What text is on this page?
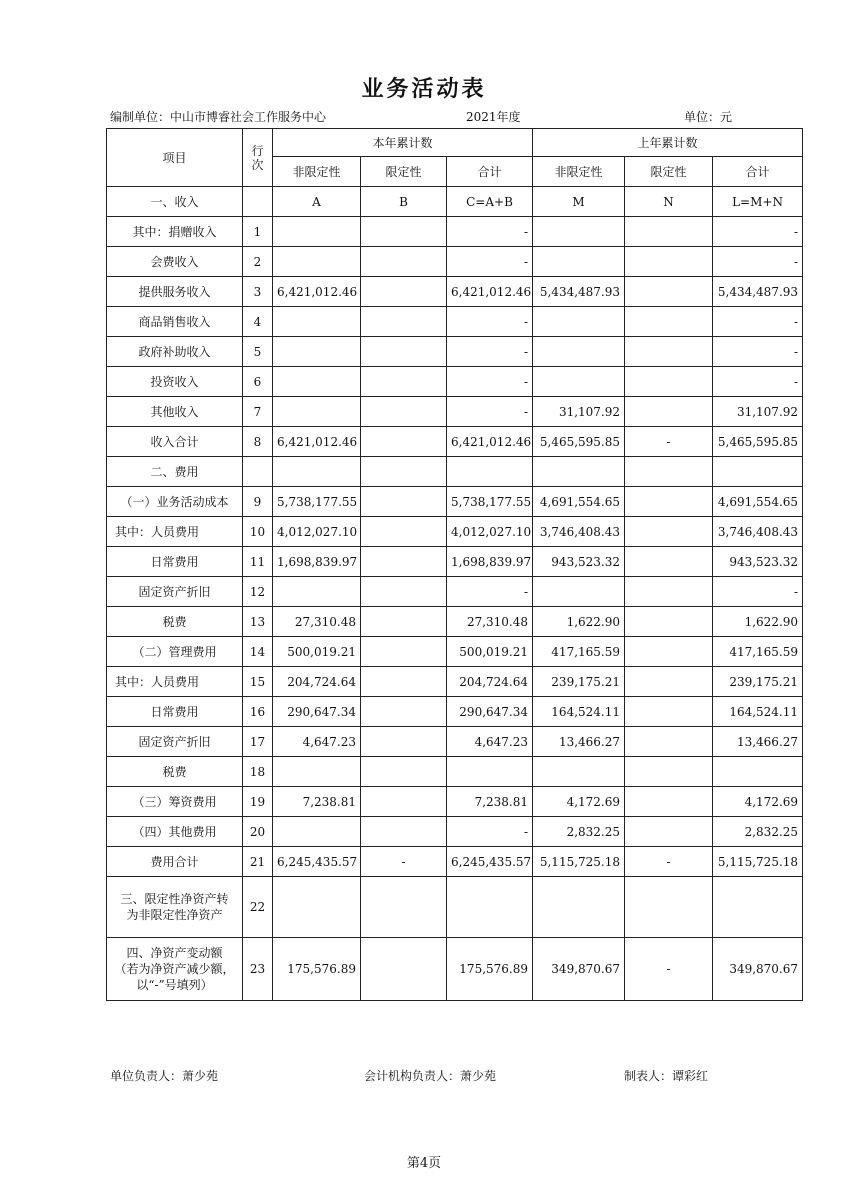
业务活动表
编制单位：中山市博睿社会工作服务中心	2021年度	单位：元
项目	行次	本年累计数			上年累计数		
		非限定性	限定性	合计	非限定性	限定性	合计
一、收入		A	B	C=A+B	M	N	L=M+N
其中：捐赠收入	1			-			-
会费收入	2			-			-
提供服务收入	3	6,421,012.46		6,421,012.46	5,434,487.93		5,434,487.93
商品销售收入	4			-			-
政府补助收入	5			-			-
投资收入	6			-			-
其他收入	7			-	31,107.92		31,107.92
收入合计	8	6,421,012.46		6,421,012.46	5,465,595.85	-	5,465,595.85
二、费用							
（一）业务活动成本	9	5,738,177.55		5,738,177.55	4,691,554.65		4,691,554.65
其中：人员费用	10	4,012,027.10		4,012,027.10	3,746,408.43		3,746,408.43
日常费用	11	1,698,839.97		1,698,839.97	943,523.32		943,523.32
固定资产折旧	12			-			-
税费	13	27,310.48		27,310.48	1,622.90		1,622.90
（二）管理费用	14	500,019.21		500,019.21	417,165.59		417,165.59
其中：人员费用	15	204,724.64		204,724.64	239,175.21		239,175.21
日常费用	16	290,647.34		290,647.34	164,524.11		164,524.11
固定资产折旧	17	4,647.23		4,647.23	13,466.27		13,466.27
税费	18						
（三）筹资费用	19	7,238.81		7,238.81	4,172.69		4,172.69
（四）其他费用	20			-	2,832.25		2,832.25
费用合计	21	6,245,435.57	-	6,245,435.57	5,115,725.18	-	5,115,725.18

三、限定性净资产转
为非限定性净资产	22						

四、净资产变动额
（若为净资产减少额，
以“-”号填列）	23	175,576.89		175,576.89	349,870.67	-	349,870.67
单位负责人：萧少苑	会计机构负责人：萧少苑	制表人：谭彩红
第4页
